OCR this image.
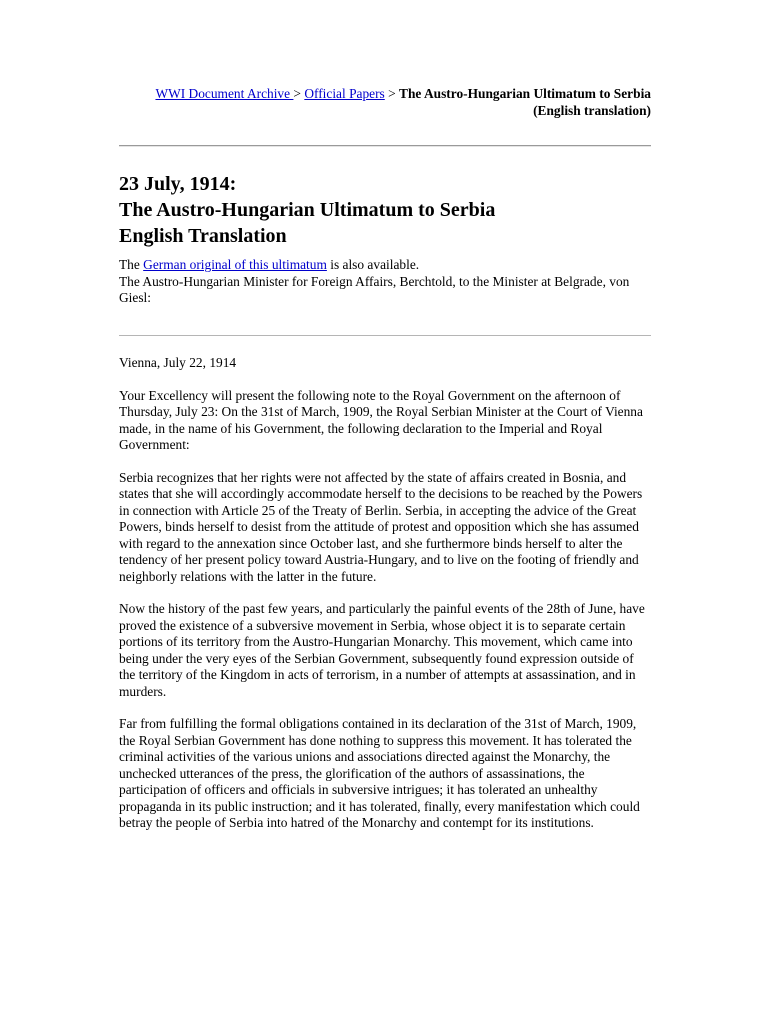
WWI Document Archive > Official Papers > The Austro-Hungarian Ultimatum to Serbia (English translation)
23 July, 1914:
The Austro-Hungarian Ultimatum to Serbia
English Translation
The German original of this ultimatum is also available.
The Austro-Hungarian Minister for Foreign Affairs, Berchtold, to the Minister at Belgrade, von Giesl:

Vienna, July 22, 1914

Your Excellency will present the following note to the Royal Government on the afternoon of Thursday, July 23: On the 31st of March, 1909, the Royal Serbian Minister at the Court of Vienna made, in the name of his Government, the following declaration to the Imperial and Royal Government:

Serbia recognizes that her rights were not affected by the state of affairs created in Bosnia, and states that she will accordingly accommodate herself to the decisions to be reached by the Powers in connection with Article 25 of the Treaty of Berlin. Serbia, in accepting the advice of the Great Powers, binds herself to desist from the attitude of protest and opposition which she has assumed with regard to the annexation since October last, and she furthermore binds herself to alter the tendency of her present policy toward Austria-Hungary, and to live on the footing of friendly and neighborly relations with the latter in the future.

Now the history of the past few years, and particularly the painful events of the 28th of June, have proved the existence of a subversive movement in Serbia, whose object it is to separate certain portions of its territory from the Austro-Hungarian Monarchy. This movement, which came into being under the very eyes of the Serbian Government, subsequently found expression outside of the territory of the Kingdom in acts of terrorism, in a number of attempts at assassination, and in murders.

Far from fulfilling the formal obligations contained in its declaration of the 31st of March, 1909, the Royal Serbian Government has done nothing to suppress this movement. It has tolerated the criminal activities of the various unions and associations directed against the Monarchy, the unchecked utterances of the press, the glorification of the authors of assassinations, the participation of officers and officials in subversive intrigues; it has tolerated an unhealthy propaganda in its public instruction; and it has tolerated, finally, every manifestation which could betray the people of Serbia into hatred of the Monarchy and contempt for its institutions.
